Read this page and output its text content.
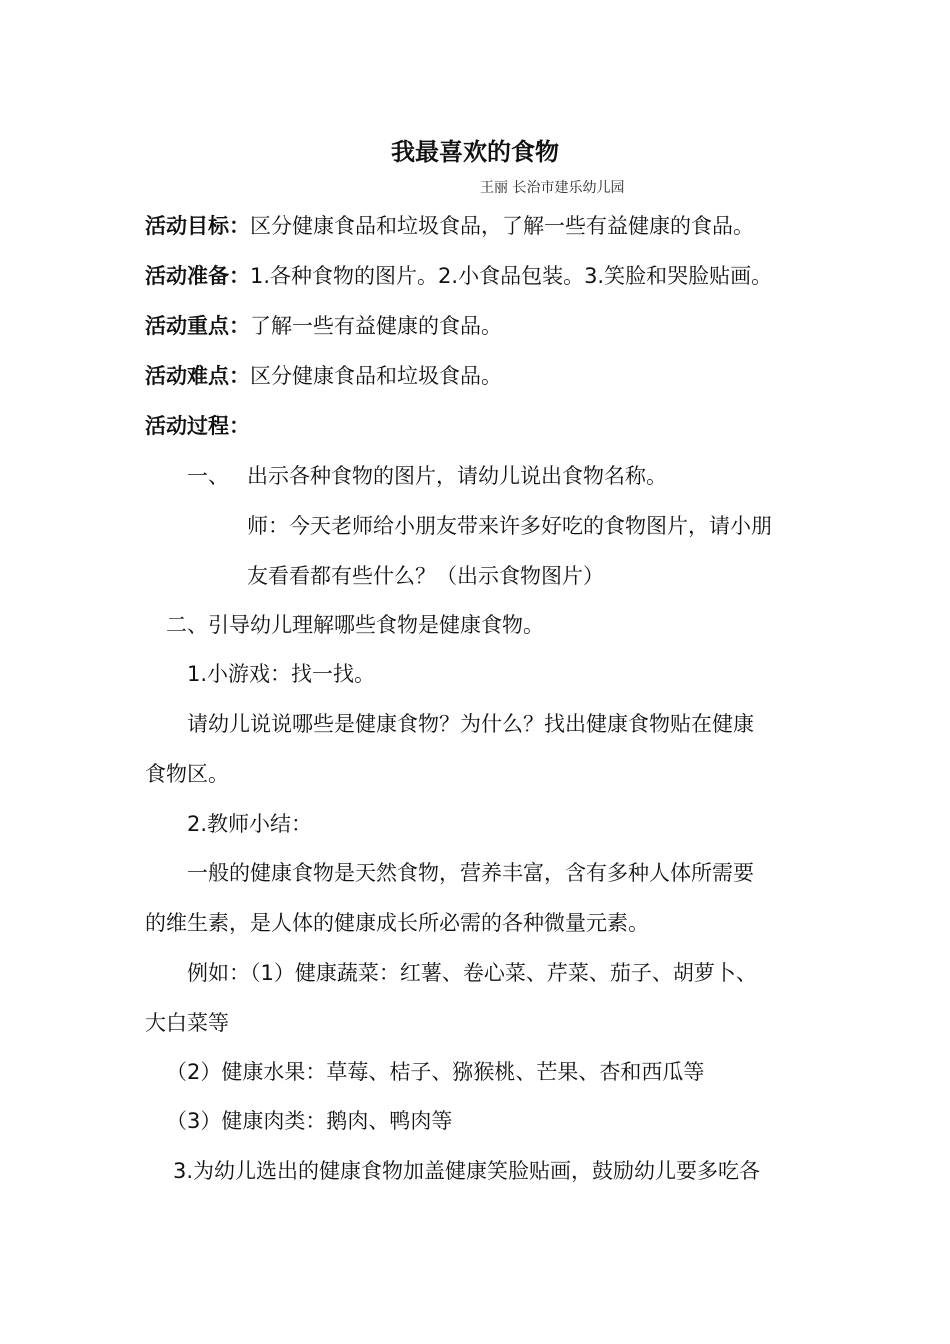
我最喜欢的食物
王丽 长治市建乐幼儿园
活动目标：区分健康食品和垃圾食品，了解一些有益健康的食品。
活动准备：1.各种食物的图片。2.小食品包装。3.笑脸和哭脸贴画。
活动重点：了解一些有益健康的食品。
活动难点：区分健康食品和垃圾食品。
活动过程：
一、 出示各种食物的图片，请幼儿说出食物名称。
师：今天老师给小朋友带来许多好吃的食物图片，请小朋
友看看都有些什么？（出示食物图片）
二、引导幼儿理解哪些食物是健康食物。
1.小游戏：找一找。
请幼儿说说哪些是健康食物？为什么？找出健康食物贴在健康
食物区。
2.教师小结：
一般的健康食物是天然食物，营养丰富，含有多种人体所需要
的维生素，是人体的健康成长所必需的各种微量元素。
例如：（1）健康蔬菜：红薯、卷心菜、芹菜、茄子、胡萝卜、
大白菜等
（2）健康水果：草莓、桔子、猕猴桃、芒果、杏和西瓜等
（3）健康肉类：鹅肉、鸭肉等
3.为幼儿选出的健康食物加盖健康笑脸贴画，鼓励幼儿要多吃各
